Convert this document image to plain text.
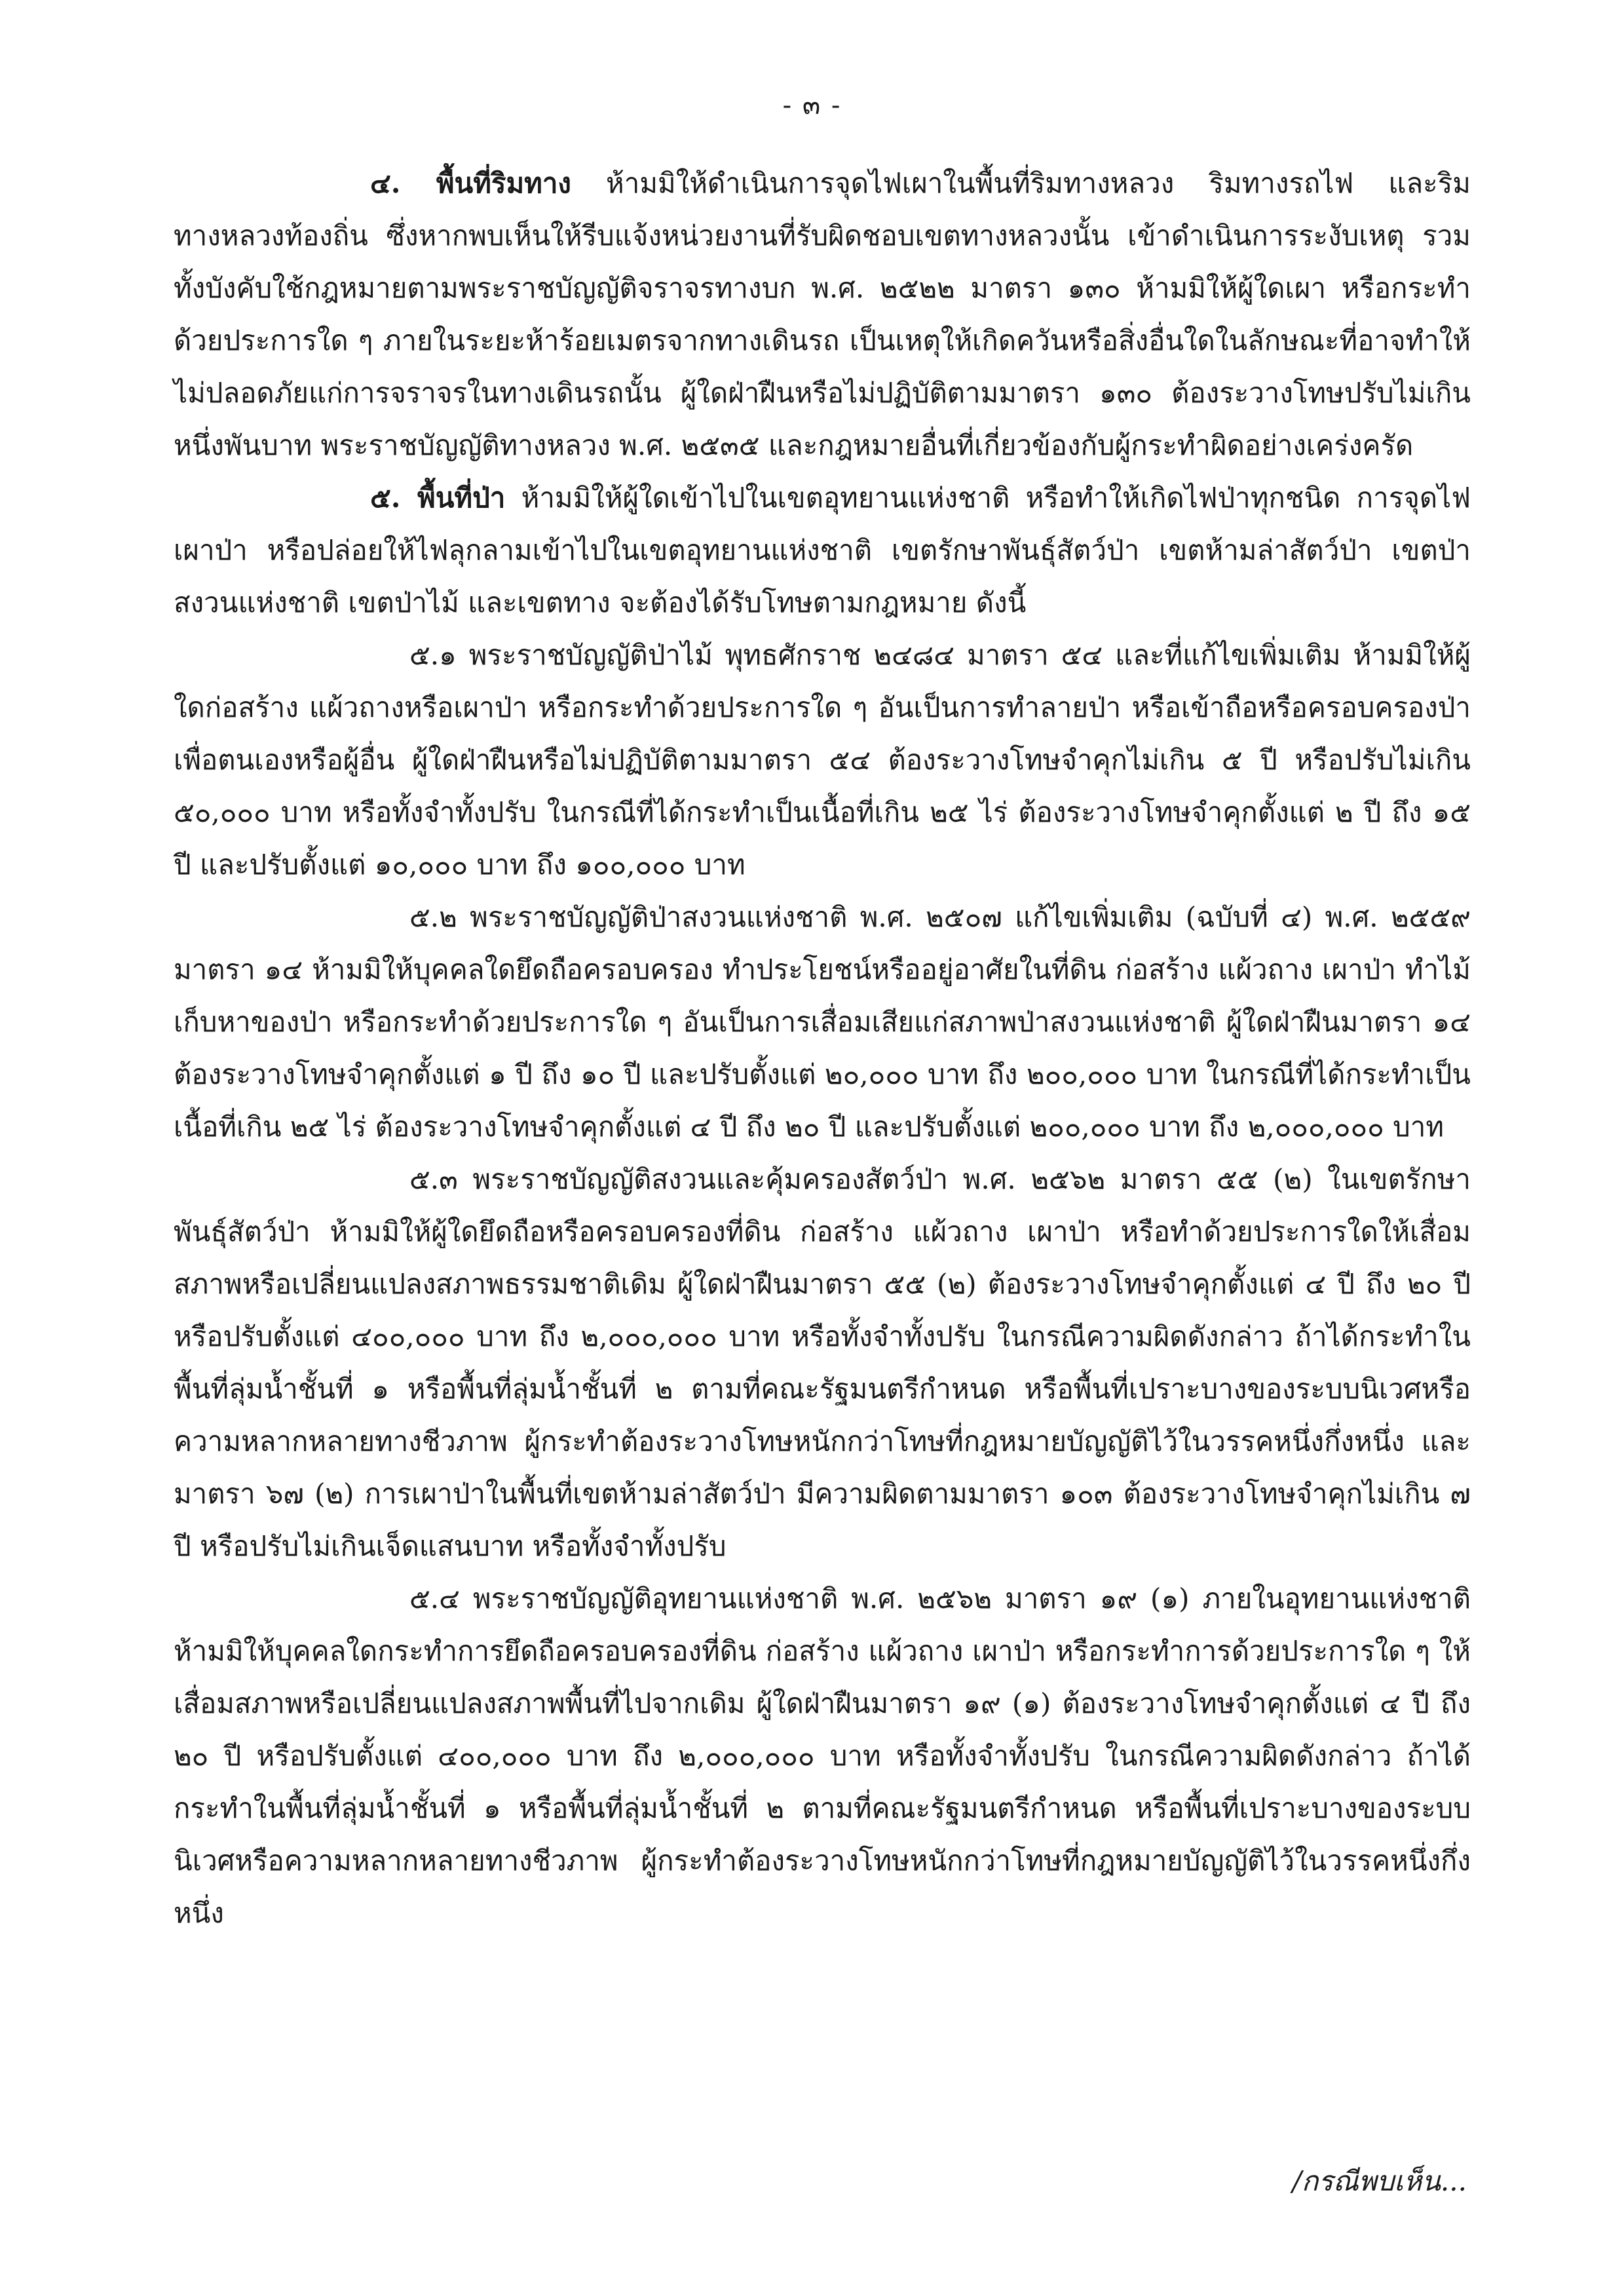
- ๓ -

๔. พื้นที่ริมทาง ห้ามมิให้ดำเนินการจุดไฟเผาในพื้นที่ริมทางหลวง ริมทางรถไฟ และริมทางหลวงท้องถิ่น ซึ่งหากพบเห็นให้รีบแจ้งหน่วยงานที่รับผิดชอบเขตทางหลวงนั้น เข้าดำเนินการระงับเหตุ รวมทั้งบังคับใช้กฎหมายตามพระราชบัญญัติจราจรทางบก พ.ศ. ๒๕๒๒ มาตรา ๑๓๐ ห้ามมิให้ผู้ใดเผา หรือกระทำด้วยประการใด ๆ ภายในระยะห้าร้อยเมตรจากทางเดินรถ เป็นเหตุให้เกิดควันหรือสิ่งอื่นใดในลักษณะที่อาจทำให้ไม่ปลอดภัยแก่การจราจรในทางเดินรถนั้น ผู้ใดฝ่าฝืนหรือไม่ปฏิบัติตามมาตรา ๑๓๐ ต้องระวางโทษปรับไม่เกินหนึ่งพันบาท พระราชบัญญัติทางหลวง พ.ศ. ๒๕๓๕ และกฎหมายอื่นที่เกี่ยวข้องกับผู้กระทำผิดอย่างเคร่งครัด

๕. พื้นที่ป่า ห้ามมิให้ผู้ใดเข้าไปในเขตอุทยานแห่งชาติ หรือทำให้เกิดไฟป่าทุกชนิด การจุดไฟเผาป่า หรือปล่อยให้ไฟลุกลามเข้าไปในเขตอุทยานแห่งชาติ เขตรักษาพันธุ์สัตว์ป่า เขตห้ามล่าสัตว์ป่า เขตป่าสงวนแห่งชาติ เขตป่าไม้ และเขตทาง จะต้องได้รับโทษตามกฎหมาย ดังนี้

๕.๑ พระราชบัญญัติป่าไม้ พุทธศักราช ๒๔๘๔ มาตรา ๕๔ และที่แก้ไขเพิ่มเติม ห้ามมิให้ผู้ใดก่อสร้าง แผ้วถางหรือเผาป่า หรือกระทำด้วยประการใด ๆ อันเป็นการทำลายป่า หรือเข้าถือหรือครอบครองป่า เพื่อตนเองหรือผู้อื่น ผู้ใดฝ่าฝืนหรือไม่ปฏิบัติตามมาตรา ๕๔ ต้องระวางโทษจำคุกไม่เกิน ๕ ปี หรือปรับไม่เกิน ๕๐,๐๐๐ บาท หรือทั้งจำทั้งปรับ ในกรณีที่ได้กระทำเป็นเนื้อที่เกิน ๒๕ ไร่ ต้องระวางโทษจำคุกตั้งแต่ ๒ ปี ถึง ๑๕ ปี และปรับตั้งแต่ ๑๐,๐๐๐ บาท ถึง ๑๐๐,๐๐๐ บาท

๕.๒ พระราชบัญญัติป่าสงวนแห่งชาติ พ.ศ. ๒๕๐๗ แก้ไขเพิ่มเติม (ฉบับที่ ๔) พ.ศ. ๒๕๕๙ มาตรา ๑๔ ห้ามมิให้บุคคลใดยึดถือครอบครอง ทำประโยชน์หรืออยู่อาศัยในที่ดิน ก่อสร้าง แผ้วถาง เผาป่า ทำไม้ เก็บหาของป่า หรือกระทำด้วยประการใด ๆ อันเป็นการเสื่อมเสียแก่สภาพป่าสงวนแห่งชาติ ผู้ใดฝ่าฝืนมาตรา ๑๔ ต้องระวางโทษจำคุกตั้งแต่ ๑ ปี ถึง ๑๐ ปี และปรับตั้งแต่ ๒๐,๐๐๐ บาท ถึง ๒๐๐,๐๐๐ บาท ในกรณีที่ได้กระทำเป็นเนื้อที่เกิน ๒๕ ไร่ ต้องระวางโทษจำคุกตั้งแต่ ๔ ปี ถึง ๒๐ ปี และปรับตั้งแต่ ๒๐๐,๐๐๐ บาท ถึง ๒,๐๐๐,๐๐๐ บาท

๕.๓ พระราชบัญญัติสงวนและคุ้มครองสัตว์ป่า พ.ศ. ๒๕๖๒ มาตรา ๕๕ (๒) ในเขตรักษาพันธุ์สัตว์ป่า ห้ามมิให้ผู้ใดยึดถือหรือครอบครองที่ดิน ก่อสร้าง แผ้วถาง เผาป่า หรือทำด้วยประการใดให้เสื่อมสภาพหรือเปลี่ยนแปลงสภาพธรรมชาติเดิม ผู้ใดฝ่าฝืนมาตรา ๕๕ (๒) ต้องระวางโทษจำคุกตั้งแต่ ๔ ปี ถึง ๒๐ ปี หรือปรับตั้งแต่ ๔๐๐,๐๐๐ บาท ถึง ๒,๐๐๐,๐๐๐ บาท หรือทั้งจำทั้งปรับ ในกรณีความผิดดังกล่าว ถ้าได้กระทำในพื้นที่ลุ่มน้ำชั้นที่ ๑ หรือพื้นที่ลุ่มน้ำชั้นที่ ๒ ตามที่คณะรัฐมนตรีกำหนด หรือพื้นที่เปราะบางของระบบนิเวศหรือความหลากหลายทางชีวภาพ ผู้กระทำต้องระวางโทษหนักกว่าโทษที่กฎหมายบัญญัติไว้ในวรรคหนึ่งกึ่งหนึ่ง และมาตรา ๖๗ (๒) การเผาป่าในพื้นที่เขตห้ามล่าสัตว์ป่า มีความผิดตามมาตรา ๑๐๓ ต้องระวางโทษจำคุกไม่เกิน ๗ ปี หรือปรับไม่เกินเจ็ดแสนบาท หรือทั้งจำทั้งปรับ

๕.๔ พระราชบัญญัติอุทยานแห่งชาติ พ.ศ. ๒๕๖๒ มาตรา ๑๙ (๑) ภายในอุทยานแห่งชาติ ห้ามมิให้บุคคลใดกระทำการยึดถือครอบครองที่ดิน ก่อสร้าง แผ้วถาง เผาป่า หรือกระทำการด้วยประการใด ๆ ให้เสื่อมสภาพหรือเปลี่ยนแปลงสภาพพื้นที่ไปจากเดิม ผู้ใดฝ่าฝืนมาตรา ๑๙ (๑) ต้องระวางโทษจำคุกตั้งแต่ ๔ ปี ถึง ๒๐ ปี หรือปรับตั้งแต่ ๔๐๐,๐๐๐ บาท ถึง ๒,๐๐๐,๐๐๐ บาท หรือทั้งจำทั้งปรับ ในกรณีความผิดดังกล่าว ถ้าได้กระทำในพื้นที่ลุ่มน้ำชั้นที่ ๑ หรือพื้นที่ลุ่มน้ำชั้นที่ ๒ ตามที่คณะรัฐมนตรีกำหนด หรือพื้นที่เปราะบางของระบบนิเวศหรือความหลากหลายทางชีวภาพ ผู้กระทำต้องระวางโทษหนักกว่าโทษที่กฎหมายบัญญัติไว้ในวรรคหนึ่งกึ่งหนึ่ง

/กรณีพบเห็น...
